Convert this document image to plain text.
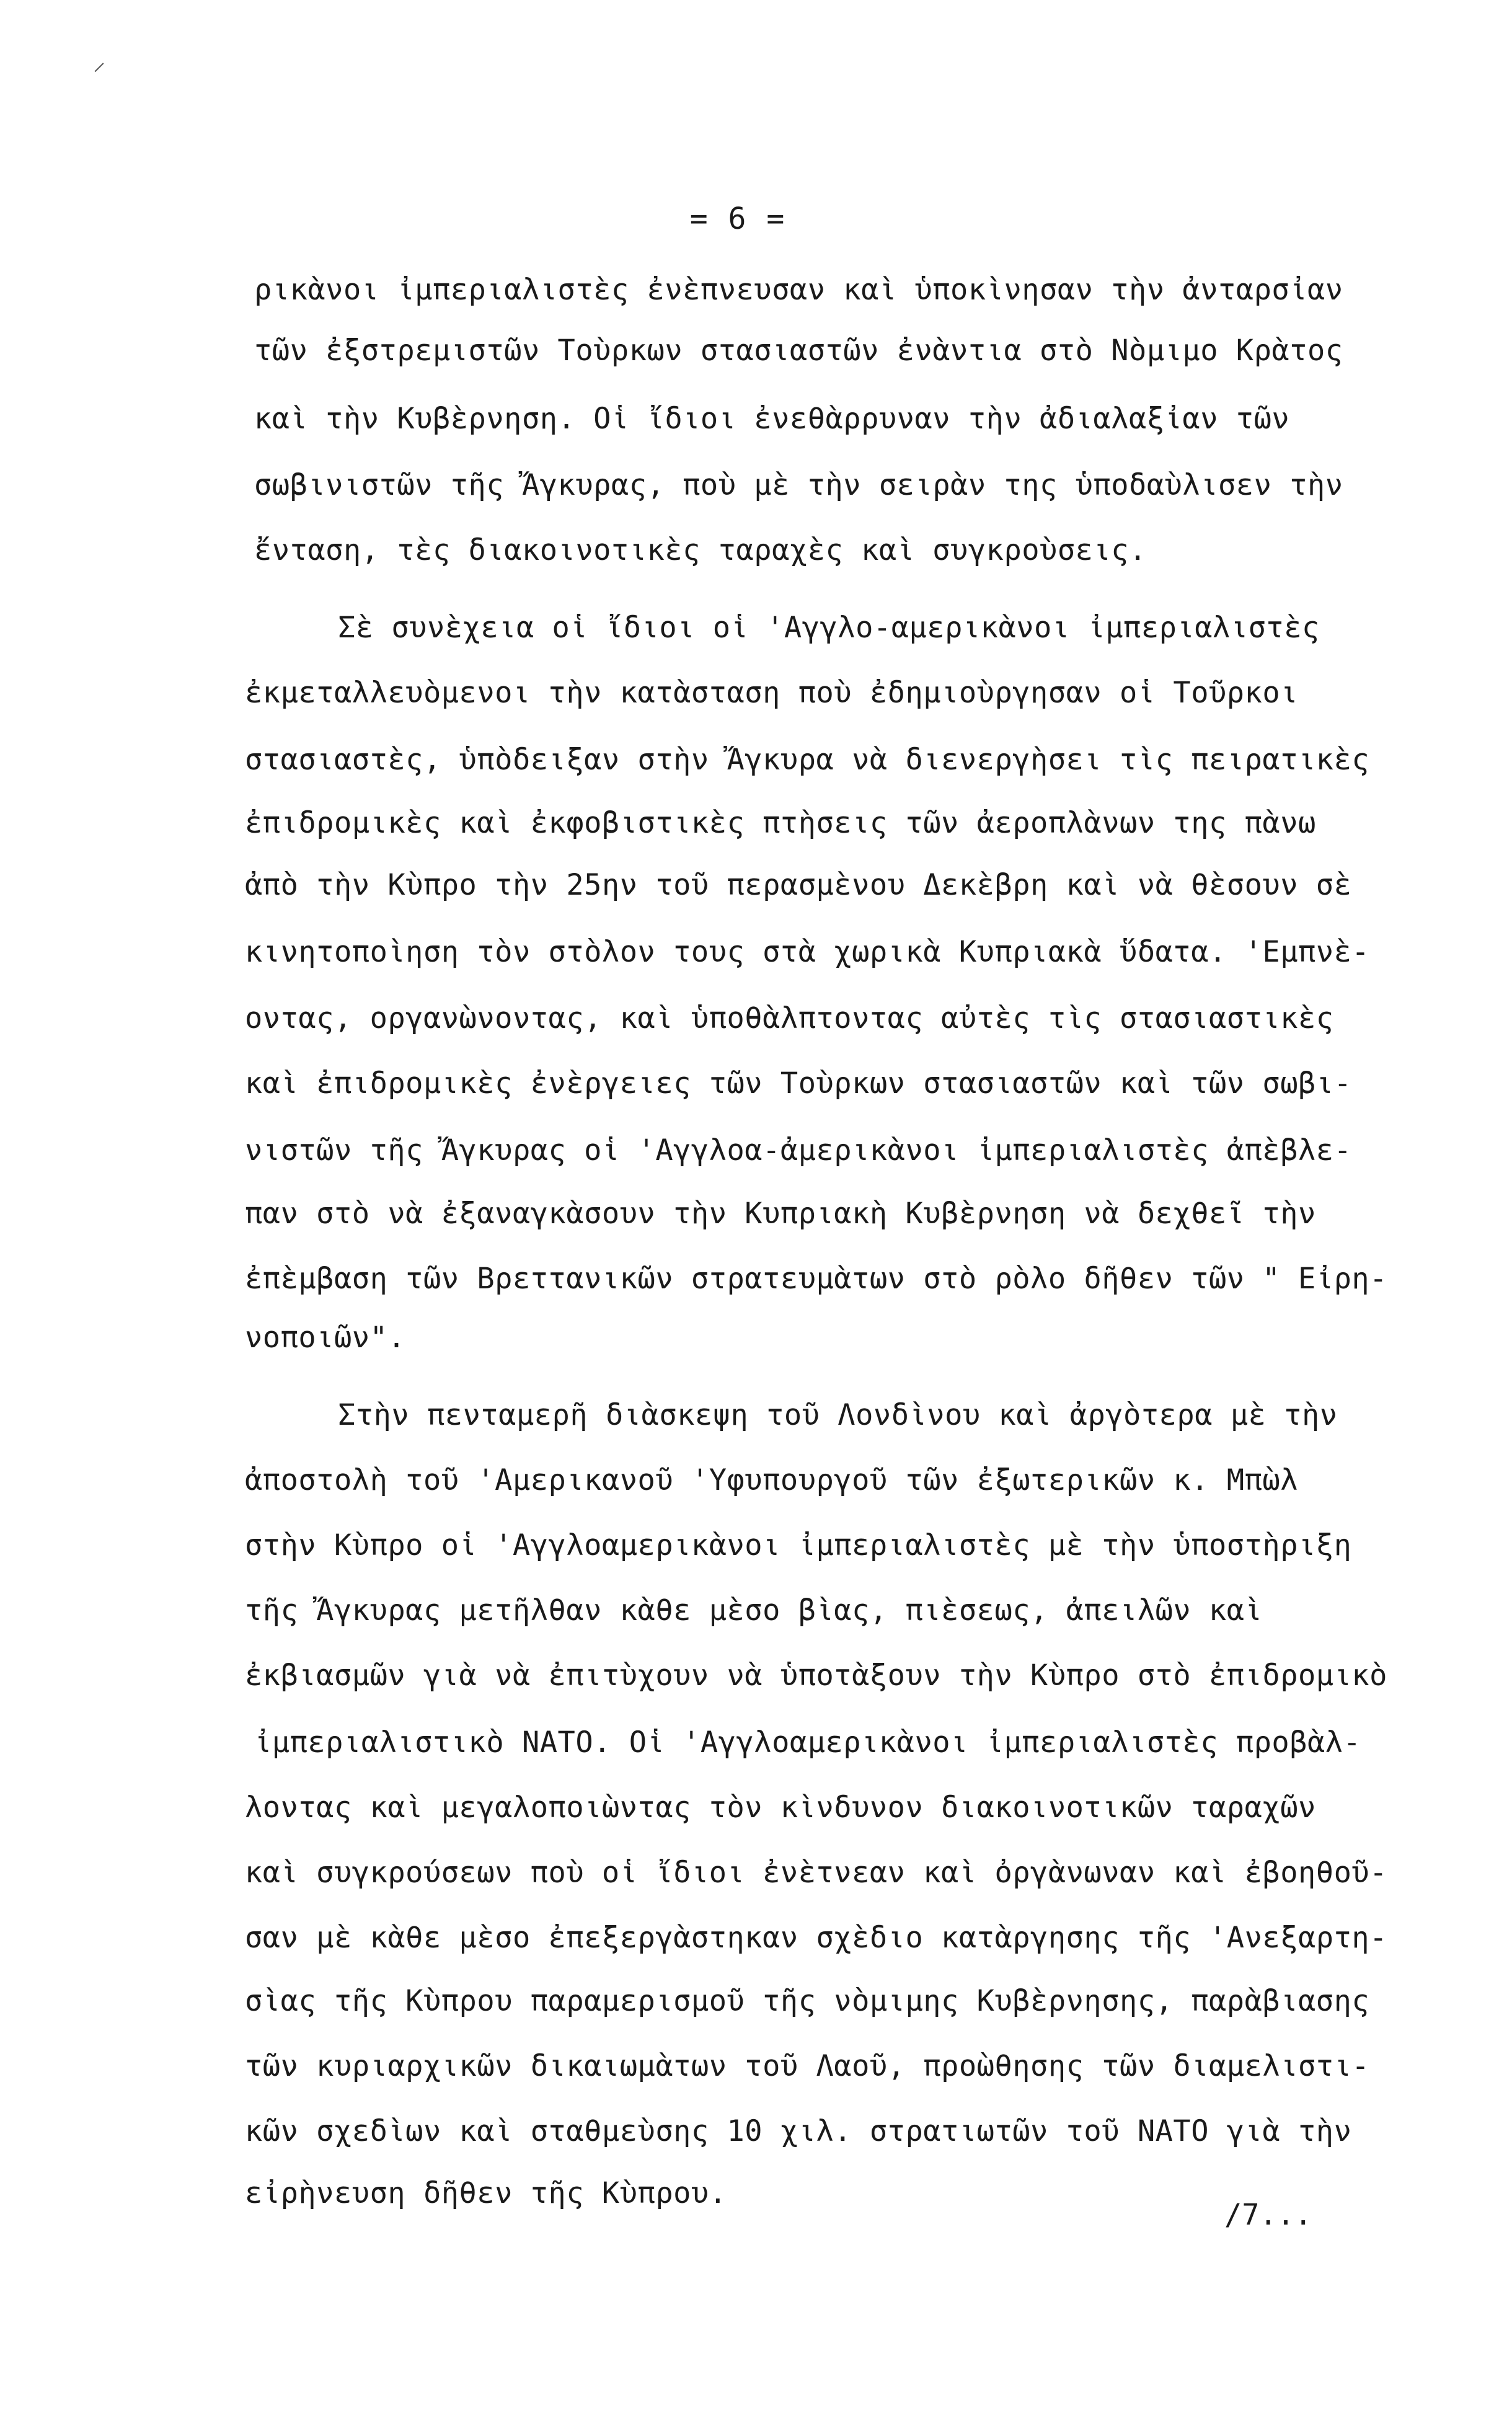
⸝
= 6 =
ρικὰνοι ἰμπεριαλιστὲς ἐνὲπνευσαν καὶ ὑποκὶνησαν τὴν ἀνταρσἰαν
τῶν ἐξστρεμιστῶν Τοὺρκων στασιαστῶν ἐνὰντια στὸ Νὸμιμο Κρὰτος
καὶ τὴν Κυβὲρνηση. Οἱ ἴδιοι ἐνεθὰρρυναν τὴν ἀδιαλαξἰαν τῶν
σωβινιστῶν τῆς Ἄγκυρας, ποὺ μὲ τὴν σειρὰν της ὑποδαὺλισεν τὴν
ἔνταση, τὲς διακοινοτικὲς ταραχὲς καὶ συγκροὺσεις.
Σὲ συνὲχεια οἱ ἴδιοι οἱ 'Αγγλο-αμερικὰνοι ἰμπεριαλιστὲς
ἐκμεταλλευὸμενοι τὴν κατὰσταση ποὺ ἐδημιοὺργησαν οἱ Τοῦρκοι
στασιαστὲς, ὑπὸδειξαν στὴν Ἄγκυρα νὰ διενεργὴσει τὶς πειρατικὲς
ἐπιδρομικὲς καὶ ἐκφοβιστικὲς πτὴσεις τῶν ἀεροπλὰνων της πὰνω
ἀπὸ τὴν Κὺπρο τὴν 25ην τοῦ περασμὲνου Δεκὲβρη καὶ νὰ θὲσουν σὲ
κινητοποὶηση τὸν στὸλον τους στὰ χωρικὰ Κυπριακὰ ὕδατα. 'Εμπνὲ-
οντας, οργανὼνοντας, καὶ ὑποθὰλπτοντας αὐτὲς τὶς στασιαστικὲς
καὶ ἐπιδρομικὲς ἐνὲργειες τῶν Τοὺρκων στασιαστῶν καὶ τῶν σωβι-
νιστῶν τῆς Ἄγκυρας οἱ 'Αγγλοα-ἀμερικὰνοι ἰμπεριαλιστὲς ἀπὲβλε-
παν στὸ νὰ ἐξαναγκὰσουν τὴν Κυπριακὴ Κυβὲρνηση νὰ δεχθεῖ τὴν
ἐπὲμβαση τῶν Βρεττανικῶν στρατευμὰτων στὸ ρὸλο δῆθεν τῶν " Εἰρη-
νοποιῶν".
Στὴν πενταμερῆ διὰσκεψη τοῦ Λονδὶνου καὶ ἀργὸτερα μὲ τὴν
ἀποστολὴ τοῦ 'Αμερικανοῦ 'Υφυπουργοῦ τῶν ἐξωτερικῶν κ. Μπὼλ
στὴν Κὺπρο οἱ 'Αγγλοαμερικὰνοι ἰμπεριαλιστὲς μὲ τὴν ὑποστὴριξη
τῆς Ἄγκυρας μετῆλθαν κὰθε μὲσο βὶας, πιὲσεως, ἀπειλῶν καὶ
ἐκβιασμῶν γιὰ νὰ ἐπιτὺχουν νὰ ὑποτὰξουν τὴν Κὺπρο στὸ ἐπιδρομικὸ
ἰμπεριαλιστικὸ ΝΑΤΟ. Οἱ 'Αγγλοαμερικὰνοι ἰμπεριαλιστὲς προβὰλ-
λοντας καὶ μεγαλοποιὼντας τὸν κὶνδυνον διακοινοτικῶν ταραχῶν
καὶ συγκρούσεων ποὺ οἱ ἴδιοι ἐνὲτνεαν καὶ ὀργὰνωναν καὶ ἐβοηθοῦ-
σαν μὲ κὰθε μὲσο ἐπεξεργὰστηκαν σχὲδιο κατὰργησης τῆς 'Ανεξαρτη-
σὶας τῆς Κὺπρου παραμερισμοῦ τῆς νὸμιμης Κυβὲρνησης, παρὰβιασης
τῶν κυριαρχικῶν δικαιωμὰτων τοῦ Λαοῦ, προὼθησης τῶν διαμελιστι-
κῶν σχεδὶων καὶ σταθμεὺσης 10 χιλ. στρατιωτῶν τοῦ ΝΑΤΟ γιὰ τὴν
εἰρὴνευση δῆθεν τῆς Κὺπρου.
/7...
